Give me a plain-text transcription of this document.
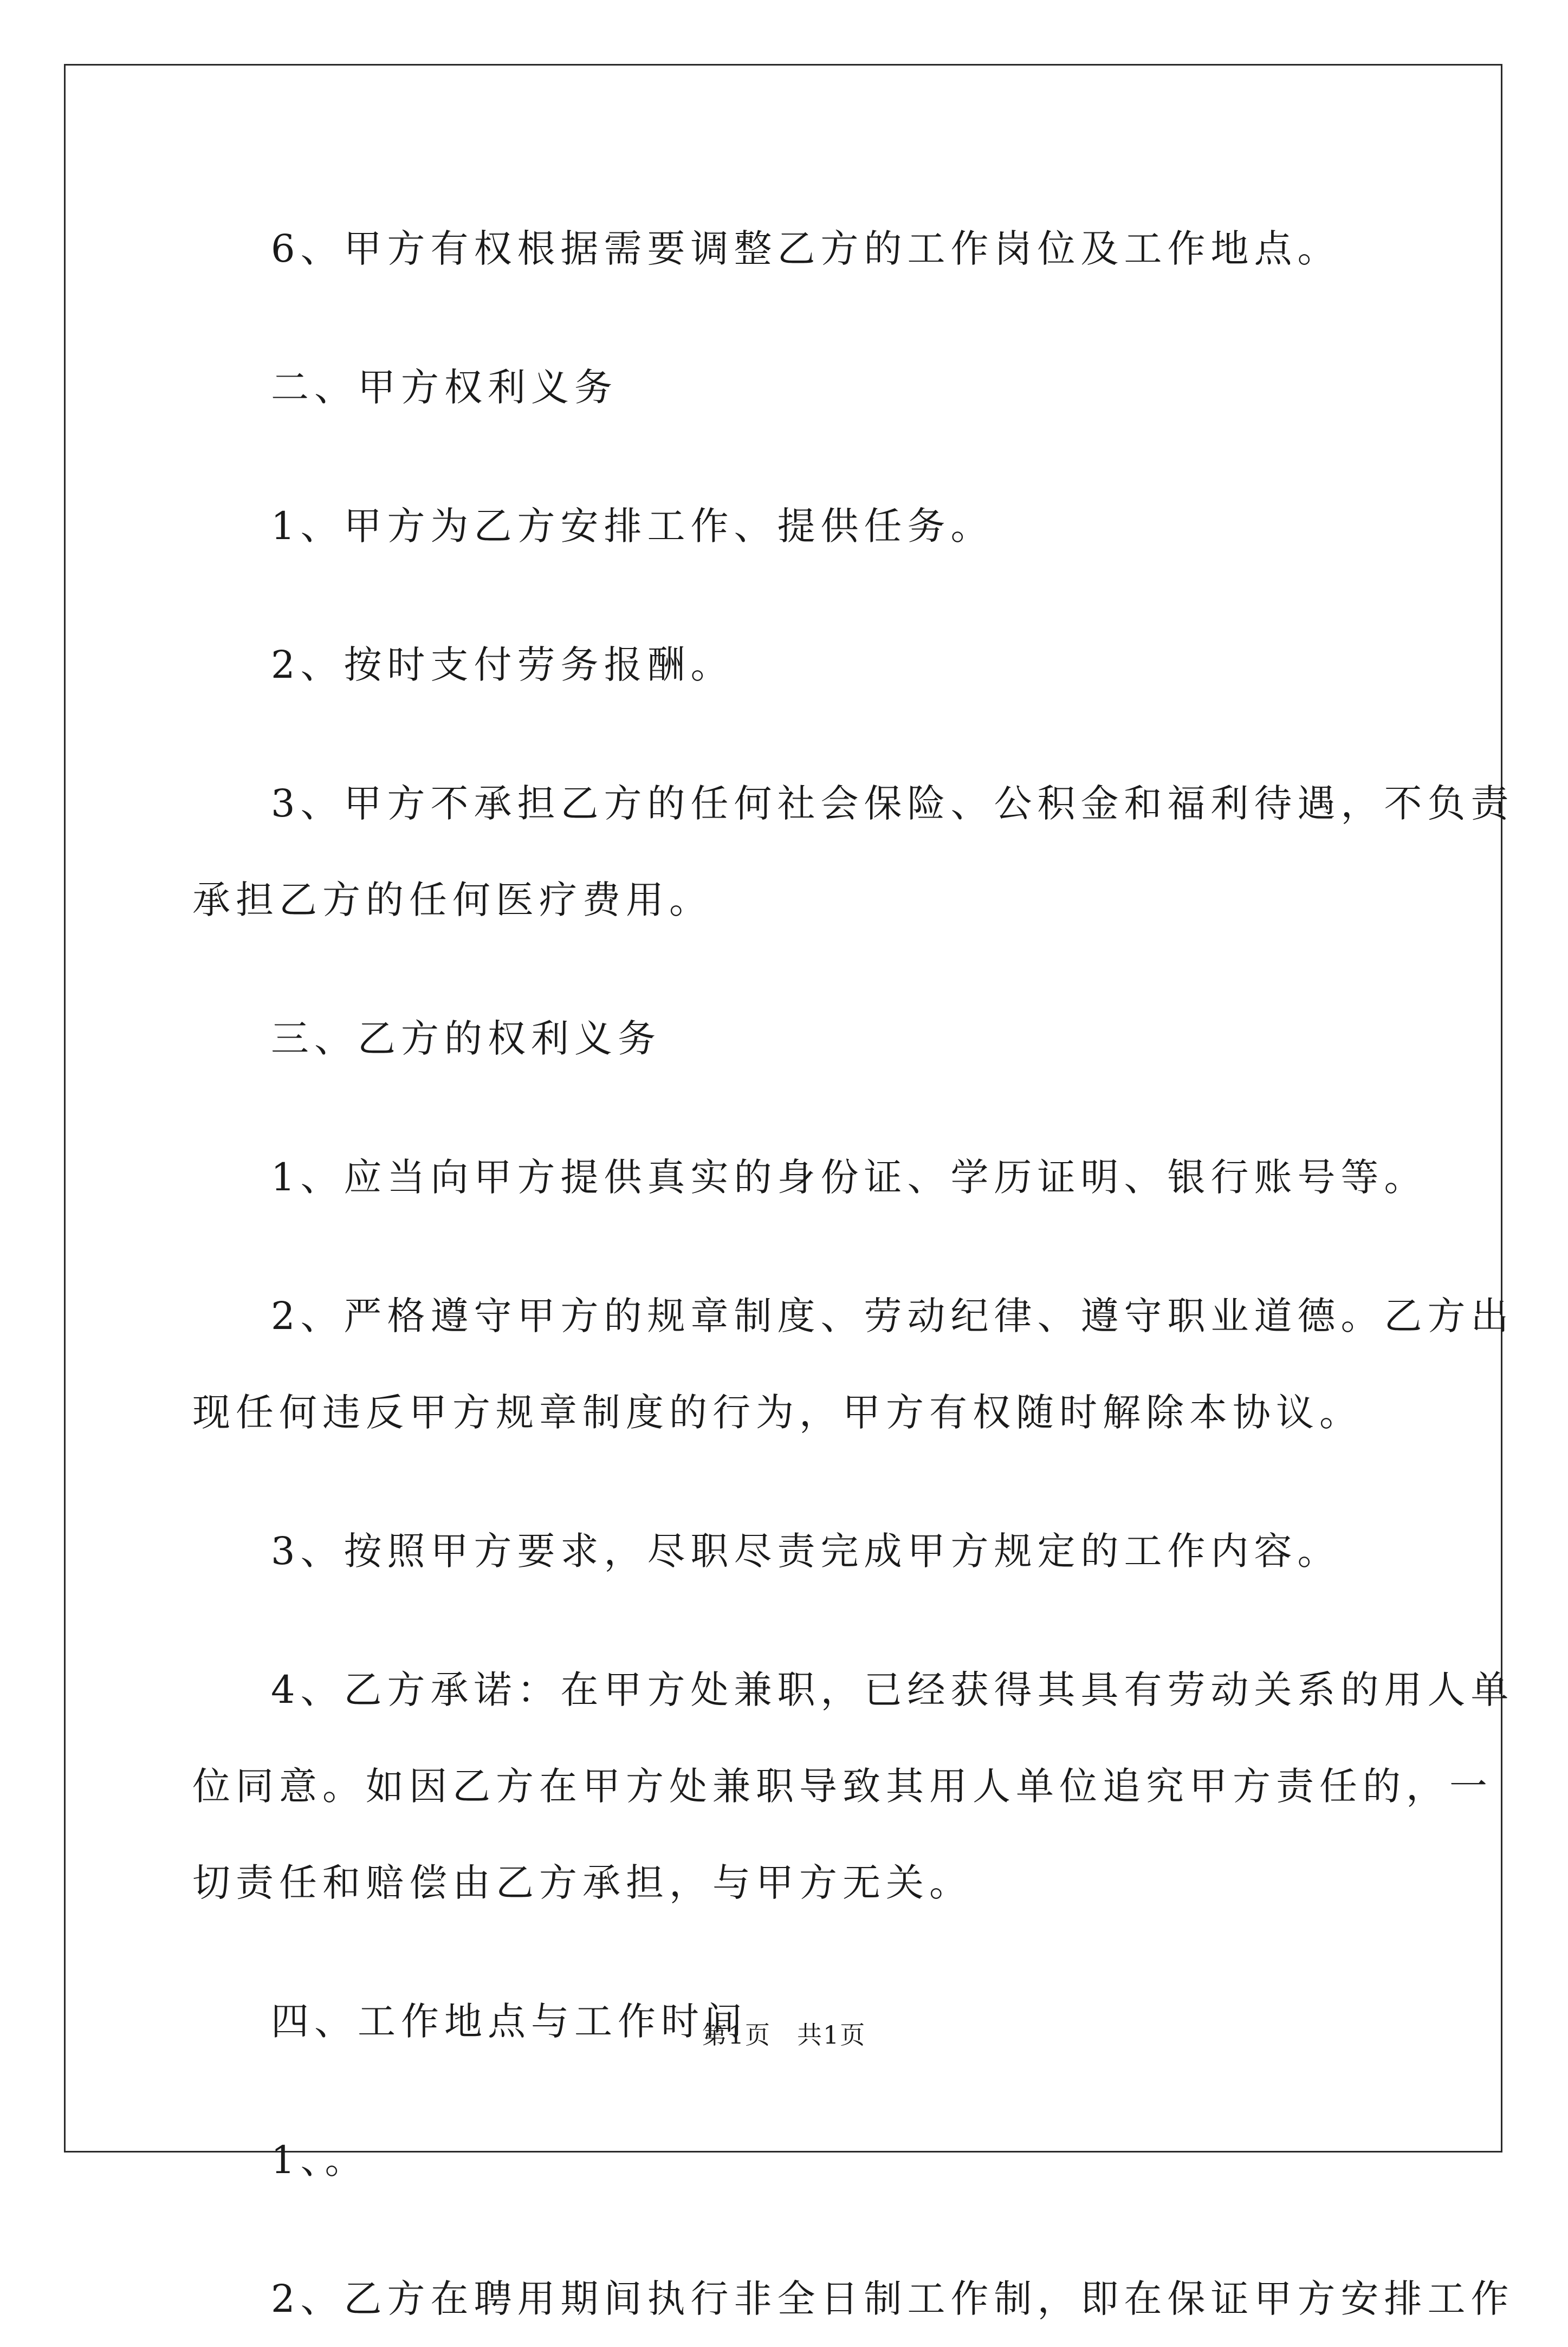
6、甲方有权根据需要调整乙方的工作岗位及工作地点。
二、甲方权利义务
1、甲方为乙方安排工作、提供任务。
2、按时支付劳务报酬。
3、甲方不承担乙方的任何社会保险、公积金和福利待遇，不负责
承担乙方的任何医疗费用。
三、乙方的权利义务
1、应当向甲方提供真实的身份证、学历证明、银行账号等。
2、严格遵守甲方的规章制度、劳动纪律、遵守职业道德。乙方出
现任何违反甲方规章制度的行为，甲方有权随时解除本协议。
3、按照甲方要求，尽职尽责完成甲方规定的工作内容。
4、乙方承诺：在甲方处兼职，已经获得其具有劳动关系的用人单
位同意。如因乙方在甲方处兼职导致其用人单位追究甲方责任的，一
切责任和赔偿由乙方承担，与甲方无关。
四、工作地点与工作时间
1、。
2、乙方在聘用期间执行非全日制工作制，即在保证甲方安排工作
第1页　共1页
